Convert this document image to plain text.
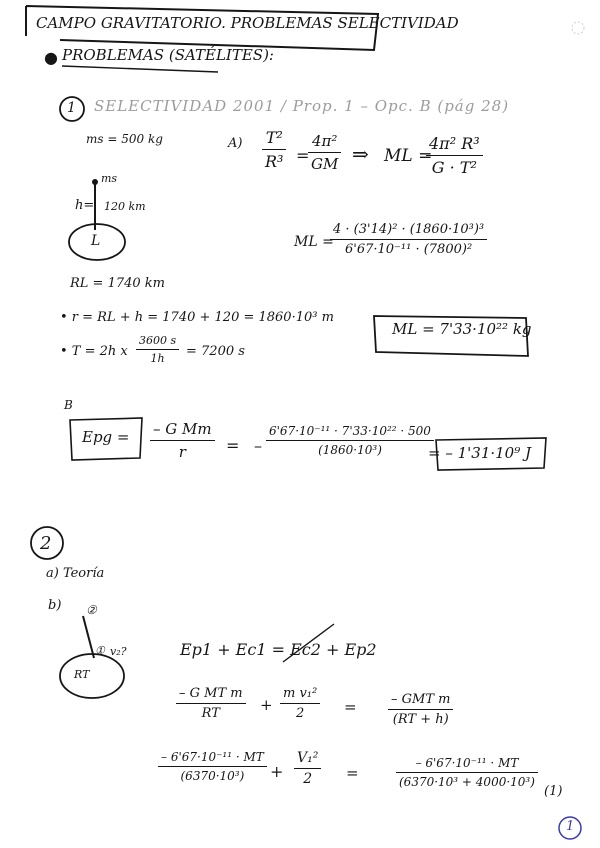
CAMPO GRAVITATORIO. PROBLEMAS SELECTIVIDAD
● PROBLEMAS (SATÉLITES):
1 SELECTIVIDAD 2001 / Prop. 1 – Opc. B (pág 28)
ms = 500 kg	A) T²
R³ =
4π²
GM ⇒ ML =
4π² R³
G · T²
ms
h= 120 km
L	ML =
4 · (3'14)² · (1860·10³)³
6'67·10⁻¹¹ · (7800)²
RL = 1740 km
• r = RL + h = 1740 + 120 = 1860·10³ m
• T = 2h x
3600 s
1h = 7200 s
ML = 7'33·10²² kg
B
Epg = – G Mm
r	= –
6'67·10⁻¹¹ · 7'33·10²² · 500
(1860·10³)	= – 1'31·10⁹ J
2
a) Teoría
b) ②
① v₂?
RT
Ep1 + Ec1 = Ec2 + Ep2
– G MT m
RT	+
m v₁²
2	=	– GMT m
(RT + h)
– 6'67·10⁻¹¹ · MT
(6370·10³) +
V₁²
2 =
– 6'67·10⁻¹¹ · MT
(6370·10³ + 4000·10³)
(1)
1
